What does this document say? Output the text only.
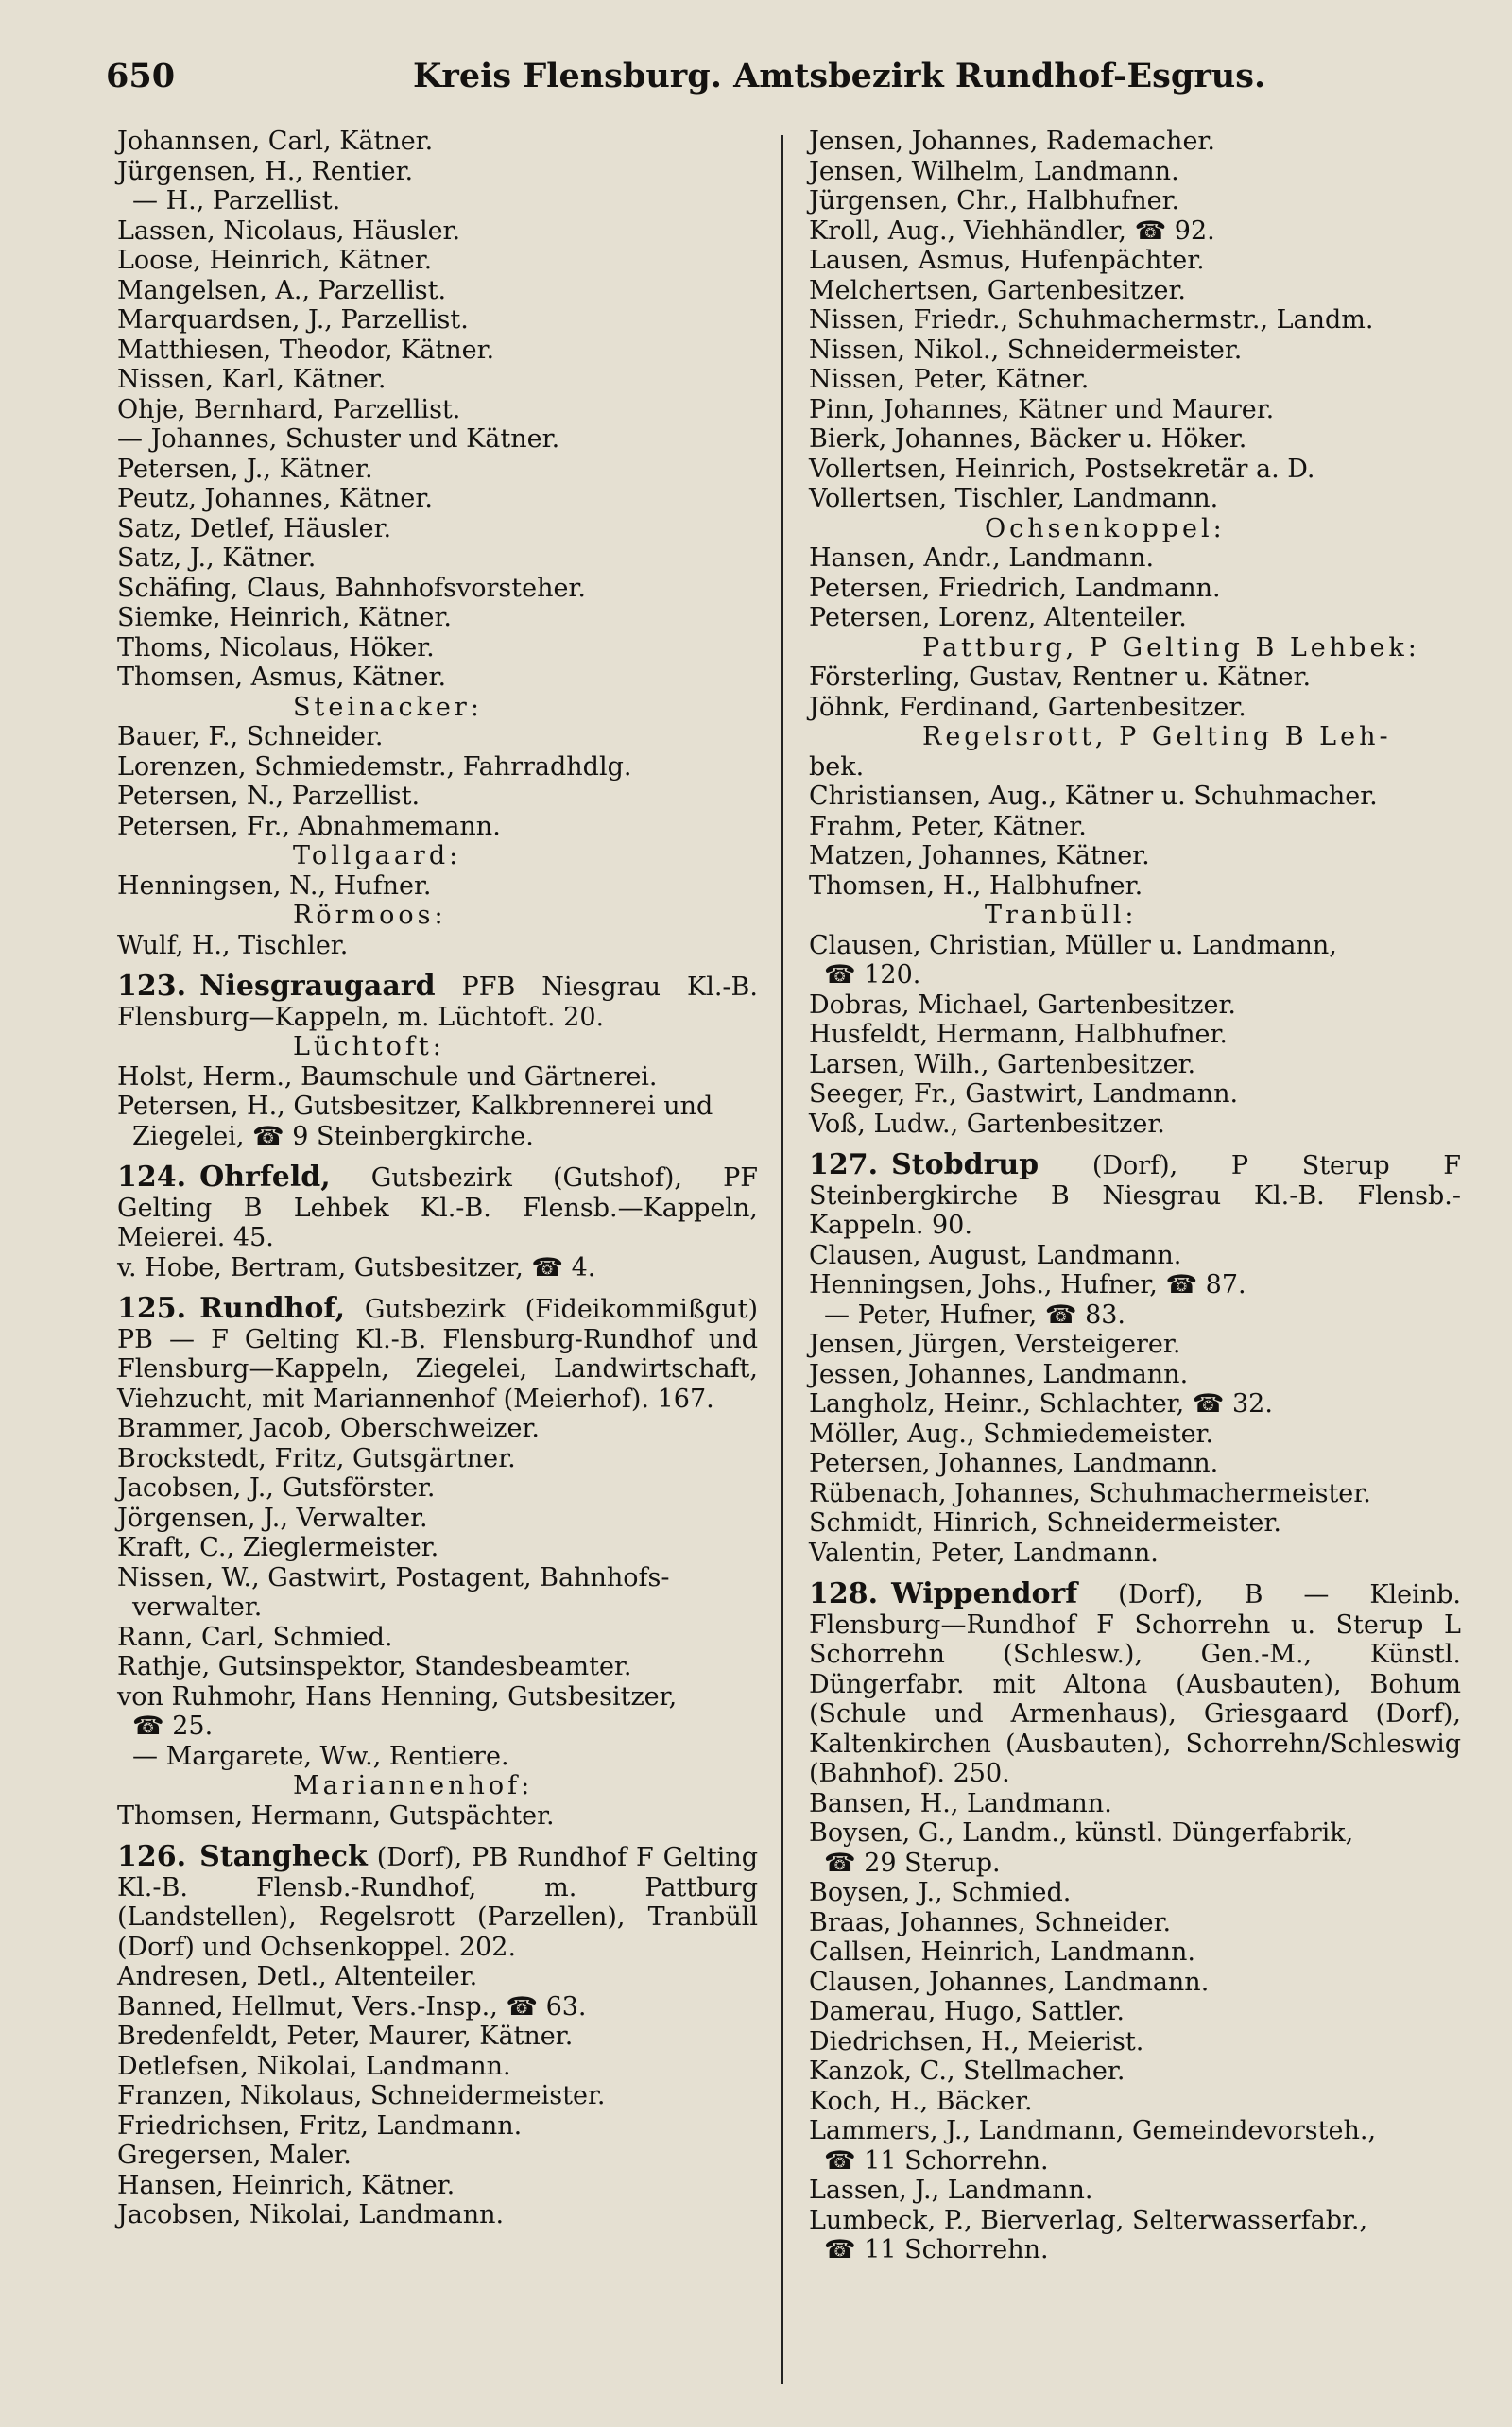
650	Kreis Flensburg. Amtsbezirk Rundhof-Esgrus.
Johannsen, Carl, Kätner.
Jürgensen, H., Rentier.
— H., Parzellist.
Lassen, Nicolaus, Häusler.
Loose, Heinrich, Kätner.
Mangelsen, A., Parzellist.
Marquardsen, J., Parzellist.
Matthiesen, Theodor, Kätner.
Nissen, Karl, Kätner.
Ohje, Bernhard, Parzellist.
— Johannes, Schuster und Kätner.
Petersen, J., Kätner.
Peutz, Johannes, Kätner.
Satz, Detlef, Häusler.
Satz, J., Kätner.
Schäfing, Claus, Bahnhofsvorsteher.
Siemke, Heinrich, Kätner.
Thoms, Nicolaus, Höker.
Thomsen, Asmus, Kätner.
Steinacker:
Bauer, F., Schneider.
Lorenzen, Schmiedemstr., Fahrradhdlg.
Petersen, N., Parzellist.
Petersen, Fr., Abnahmemann.
Tollgaard:
Henningsen, N., Hufner.
Rörmoos:
Wulf, H., Tischler.
123. Niesgraugaard PFB Niesgrau Kl.-B. Flensburg—Kappeln, m. Lüchtoft. 20.
Lüchtoft:
Holst, Herm., Baumschule und Gärtnerei.
Petersen, H., Gutsbesitzer, Kalkbrennerei und
Ziegelei, ☎ 9 Steinbergkirche.
124. Ohrfeld, Gutsbezirk (Gutshof), PF Gelting B Lehbek Kl.-B. Flensb.—Kappeln, Meierei. 45.
v. Hobe, Bertram, Gutsbesitzer, ☎ 4.
125. Rundhof, Gutsbezirk (Fideikommißgut) PB — F Gelting Kl.-B. Flensburg-Rundhof und Flensburg—Kappeln, Ziegelei, Landwirtschaft, Viehzucht, mit Mariannenhof (Meierhof). 167.
Brammer, Jacob, Oberschweizer.
Brockstedt, Fritz, Gutsgärtner.
Jacobsen, J., Gutsförster.
Jörgensen, J., Verwalter.
Kraft, C., Zieglermeister.
Nissen, W., Gastwirt, Postagent, Bahnhofs-
verwalter.
Rann, Carl, Schmied.
Rathje, Gutsinspektor, Standesbeamter.
von Ruhmohr, Hans Henning, Gutsbesitzer,
☎ 25.
— Margarete, Ww., Rentiere.
Mariannenhof:
Thomsen, Hermann, Gutspächter.
126. Stangheck (Dorf), PB Rundhof F Gelting Kl.-B. Flensb.-Rundhof, m. Pattburg (Landstellen), Regelsrott (Parzellen), Tranbüll (Dorf) und Ochsenkoppel. 202.
Andresen, Detl., Altenteiler.
Banned, Hellmut, Vers.-Insp., ☎ 63.
Bredenfeldt, Peter, Maurer, Kätner.
Detlefsen, Nikolai, Landmann.
Franzen, Nikolaus, Schneidermeister.
Friedrichsen, Fritz, Landmann.
Gregersen, Maler.
Hansen, Heinrich, Kätner.
Jacobsen, Nikolai, Landmann.
Jensen, Johannes, Rademacher.
Jensen, Wilhelm, Landmann.
Jürgensen, Chr., Halbhufner.
Kroll, Aug., Viehhändler, ☎ 92.
Lausen, Asmus, Hufenpächter.
Melchertsen, Gartenbesitzer.
Nissen, Friedr., Schuhmachermstr., Landm.
Nissen, Nikol., Schneidermeister.
Nissen, Peter, Kätner.
Pinn, Johannes, Kätner und Maurer.
Bierk, Johannes, Bäcker u. Höker.
Vollertsen, Heinrich, Postsekretär a. D.
Vollertsen, Tischler, Landmann.
Ochsenkoppel:
Hansen, Andr., Landmann.
Petersen, Friedrich, Landmann.
Petersen, Lorenz, Altenteiler.
Pattburg, P Gelting B Lehbek:
Försterling, Gustav, Rentner u. Kätner.
Jöhnk, Ferdinand, Gartenbesitzer.
Regelsrott, P Gelting B Leh-
bek.
Christiansen, Aug., Kätner u. Schuhmacher.
Frahm, Peter, Kätner.
Matzen, Johannes, Kätner.
Thomsen, H., Halbhufner.
Tranbüll:
Clausen, Christian, Müller u. Landmann,
☎ 120.
Dobras, Michael, Gartenbesitzer.
Husfeldt, Hermann, Halbhufner.
Larsen, Wilh., Gartenbesitzer.
Seeger, Fr., Gastwirt, Landmann.
Voß, Ludw., Gartenbesitzer.
127. Stobdrup (Dorf), P Sterup F Steinbergkirche B Niesgrau Kl.-B. Flensb.-Kappeln. 90.
Clausen, August, Landmann.
Henningsen, Johs., Hufner, ☎ 87.
— Peter, Hufner, ☎ 83.
Jensen, Jürgen, Versteigerer.
Jessen, Johannes, Landmann.
Langholz, Heinr., Schlachter, ☎ 32.
Möller, Aug., Schmiedemeister.
Petersen, Johannes, Landmann.
Rübenach, Johannes, Schuhmachermeister.
Schmidt, Hinrich, Schneidermeister.
Valentin, Peter, Landmann.
128. Wippendorf (Dorf), B — Kleinb. Flensburg—Rundhof F Schorrehn u. Sterup L Schorrehn (Schlesw.), Gen.-M., Künstl. Düngerfabr. mit Altona (Ausbauten), Bohum (Schule und Armenhaus), Griesgaard (Dorf), Kaltenkirchen (Ausbauten), Schorrehn/Schleswig (Bahnhof). 250.
Bansen, H., Landmann.
Boysen, G., Landm., künstl. Düngerfabrik,
☎ 29 Sterup.
Boysen, J., Schmied.
Braas, Johannes, Schneider.
Callsen, Heinrich, Landmann.
Clausen, Johannes, Landmann.
Damerau, Hugo, Sattler.
Diedrichsen, H., Meierist.
Kanzok, C., Stellmacher.
Koch, H., Bäcker.
Lammers, J., Landmann, Gemeindevorsteh.,
☎ 11 Schorrehn.
Lassen, J., Landmann.
Lumbeck, P., Bierverlag, Selterwasserfabr.,
☎ 11 Schorrehn.
